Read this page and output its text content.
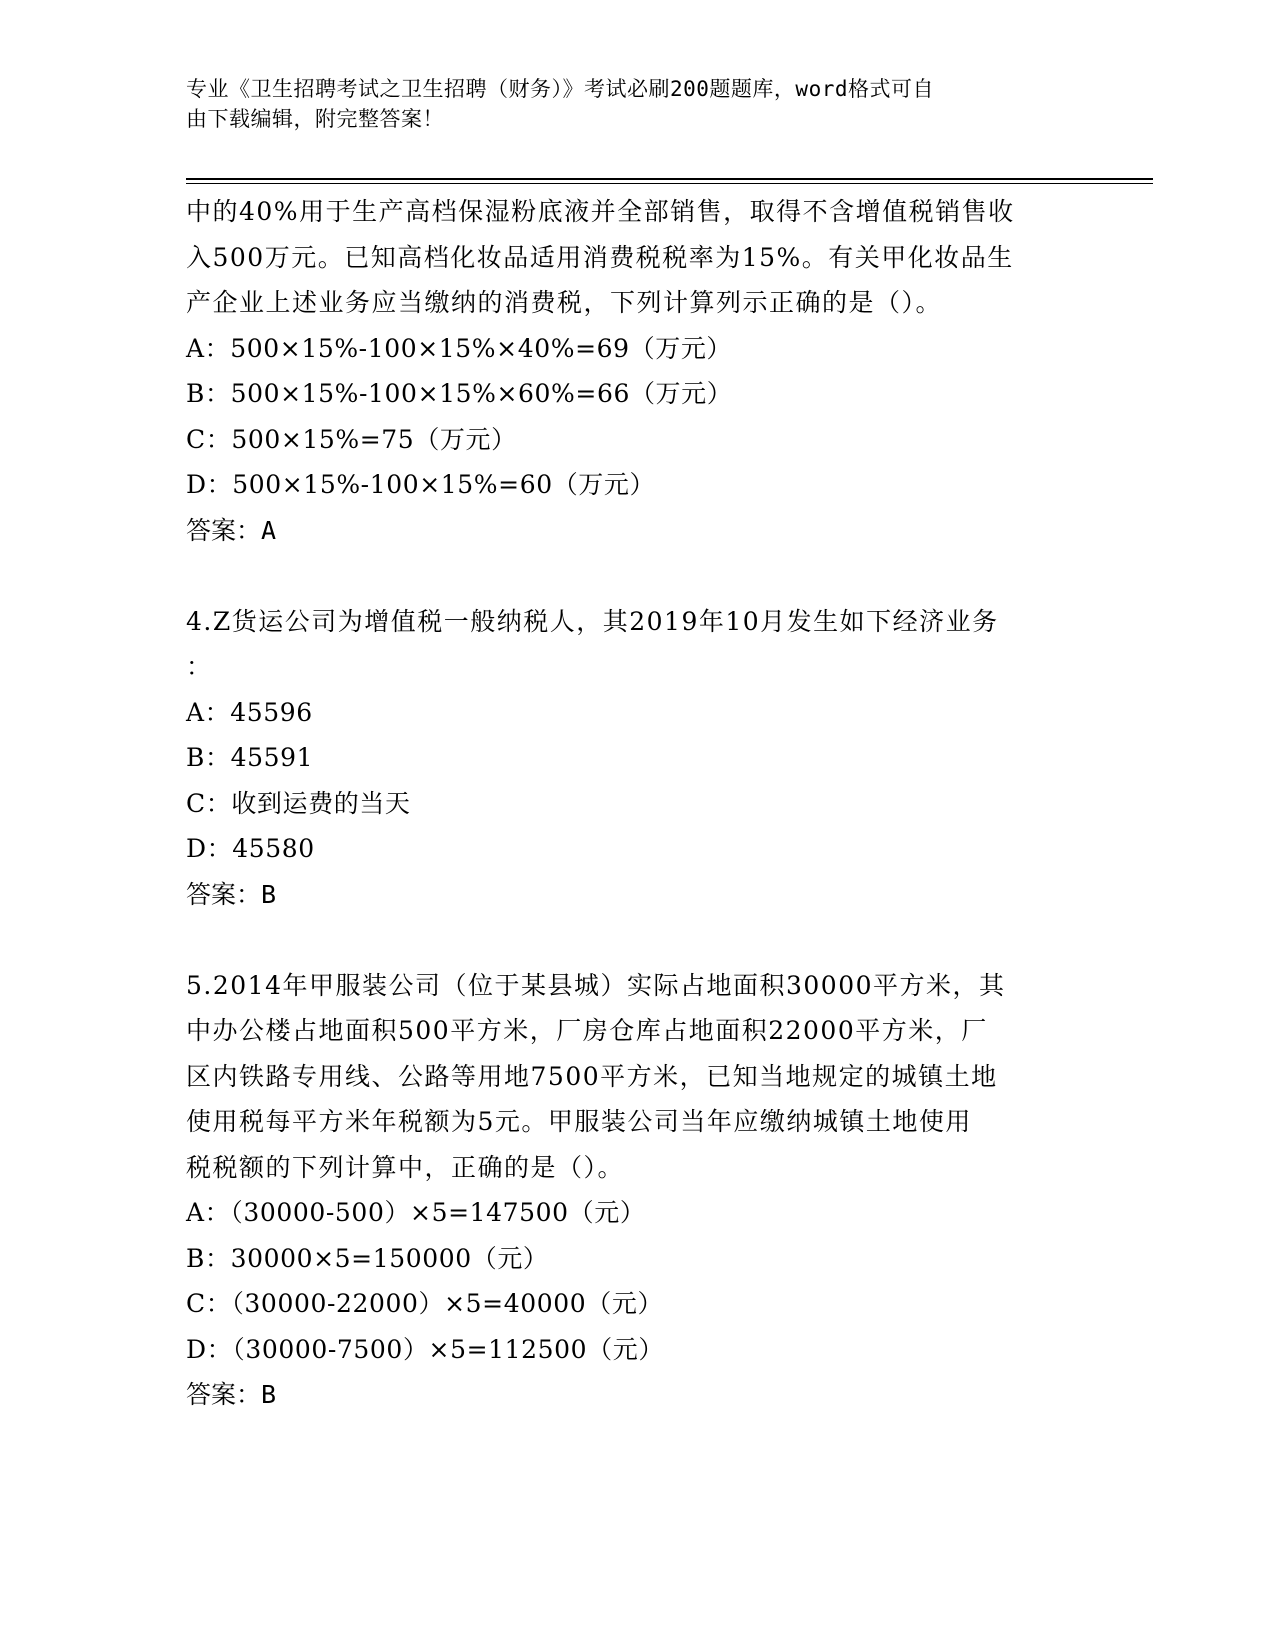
专业《卫生招聘考试之卫生招聘（财务）》考试必刷200题题库，word格式可自
由下载编辑，附完整答案！
中的40%用于生产高档保湿粉底液并全部销售，取得不含增值税销售收
入500万元。已知高档化妆品适用消费税税率为15%。有关甲化妆品生
产企业上述业务应当缴纳的消费税，下列计算列示正确的是（）。
A：500×15%-100×15%×40%=69（万元）
B：500×15%-100×15%×60%=66（万元）
C：500×15%=75（万元）
D：500×15%-100×15%=60（万元）
答案：A
4.Z货运公司为增值税一般纳税人，其2019年10月发生如下经济业务
：
A：45596
B：45591
C：收到运费的当天
D：45580
答案：B
5.2014年甲服装公司（位于某县城）实际占地面积30000平方米，其
中办公楼占地面积500平方米，厂房仓库占地面积22000平方米，厂
区内铁路专用线、公路等用地7500平方米，已知当地规定的城镇土地
使用税每平方米年税额为5元。甲服装公司当年应缴纳城镇土地使用
税税额的下列计算中，正确的是（）。
A：（30000-500）×5=147500（元）
B：30000×5=150000（元）
C：（30000-22000）×5=40000（元）
D：（30000-7500）×5=112500（元）
答案：B
